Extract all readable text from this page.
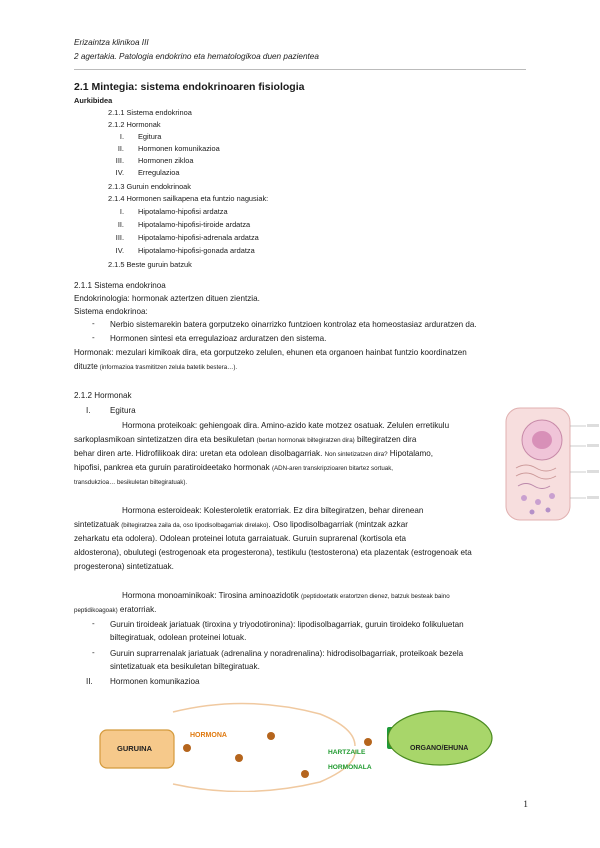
Erizaintza klinikoa III
2 agertakia. Patologia endokrino eta hematologikoa duen pazientea
2.1 Mintegia: sistema endokrinoaren fisiologia
Aurkibidea
2.1.1 Sistema endokrinoa
2.1.2 Hormonak
I. Egitura
II. Hormonen komunikazioa
III. Hormonen zikloa
IV. Erregulazioa
2.1.3 Guruin endokrinoak
2.1.4 Hormonen sailkapena eta funtzio nagusiak:
I. Hipotalamo-hipofisi ardatza
II. Hipotalamo-hipofisi-tiroide ardatza
III. Hipotalamo-hipofisi-adrenala ardatza
IV. Hipotalamo-hipofisi-gonada ardatza
2.1.5 Beste guruin batzuk
2.1.1 Sistema endokrinoa
Endokrinologia: hormonak aztertzen dituen zientzia.
Sistema endokrinoa:
- Nerbio sistemarekin batera gorputzeko oinarrizko funtzioen kontrolaz eta homeostasiaz arduratzen da.
- Hormonen sintesi eta erregulazioaz arduratzen den sistema.
Hormonak: mezulari kimikoak dira, eta gorputzeko zelulen, ehunen eta organoen hainbat funtzio koordinatzen
dituzte (informazioa trasmititzen zelula batetik bestera…).
2.1.2 Hormonak
I. Egitura
Hormona proteikoak: gehiengoak dira. Amino-azido kate motzez osatuak. Zelulen erretikulu
sarkoplasmikoan sintetizatzen dira eta besikuletan (bertan hormonak biltegiratzen dira) biltegiratzen dira
behar diren arte. Hidrofilikoak dira: uretan eta odolean disolbagarriak. Non sintetizatzen dira? Hipotalamo,
hipofisi, pankrea eta guruin paratiroideetako hormonak (ADN-aren transkripzioaren bitartez sortuak,
transdukzioa… besikuletan biltegiratuak).
Hormona esteroideak: Kolesteroletik eratorriak. Ez dira biltegiratzen, behar direnean
sintetizatuak (biltegiratzea zaila da, oso lipodisolbagarriak direlako). Oso lipodisolbagarriak (mintzak azkar
zeharkatu eta odolera). Odolean proteinei lotuta garraiatuak. Guruin suprarenal (kortisola eta
aldosterona), obulutegi (estrogenoak eta progesterona), testikulu (testosterona) eta plazentak (estrogenoak eta
progesterona) sintetizatuak.
Hormona monoaminikoak: Tirosina aminoazidotik (peptidoetatik eratortzen dienez, batzuk besteak baino
peptidikoagoak) eratorriak.
- Guruin tiroideak jariatuak (tiroxina y triyodotironina): lipodisolbagarriak, guruin tiroideko folikuluetan
biltegiratuak, odolean proteinei lotuak.
- Guruin suprarrenalak jariatuak (adrenalina y noradrenalina): hidrodisolbagarriak, proteikoak bezela
sintetizatuak eta besikuletan biltegiratuak.
II. Hormonen komunikazioa
GURUINA
HORMONA
HARTZAILE
HORMONALA
ORGANO/EHUNA
1
